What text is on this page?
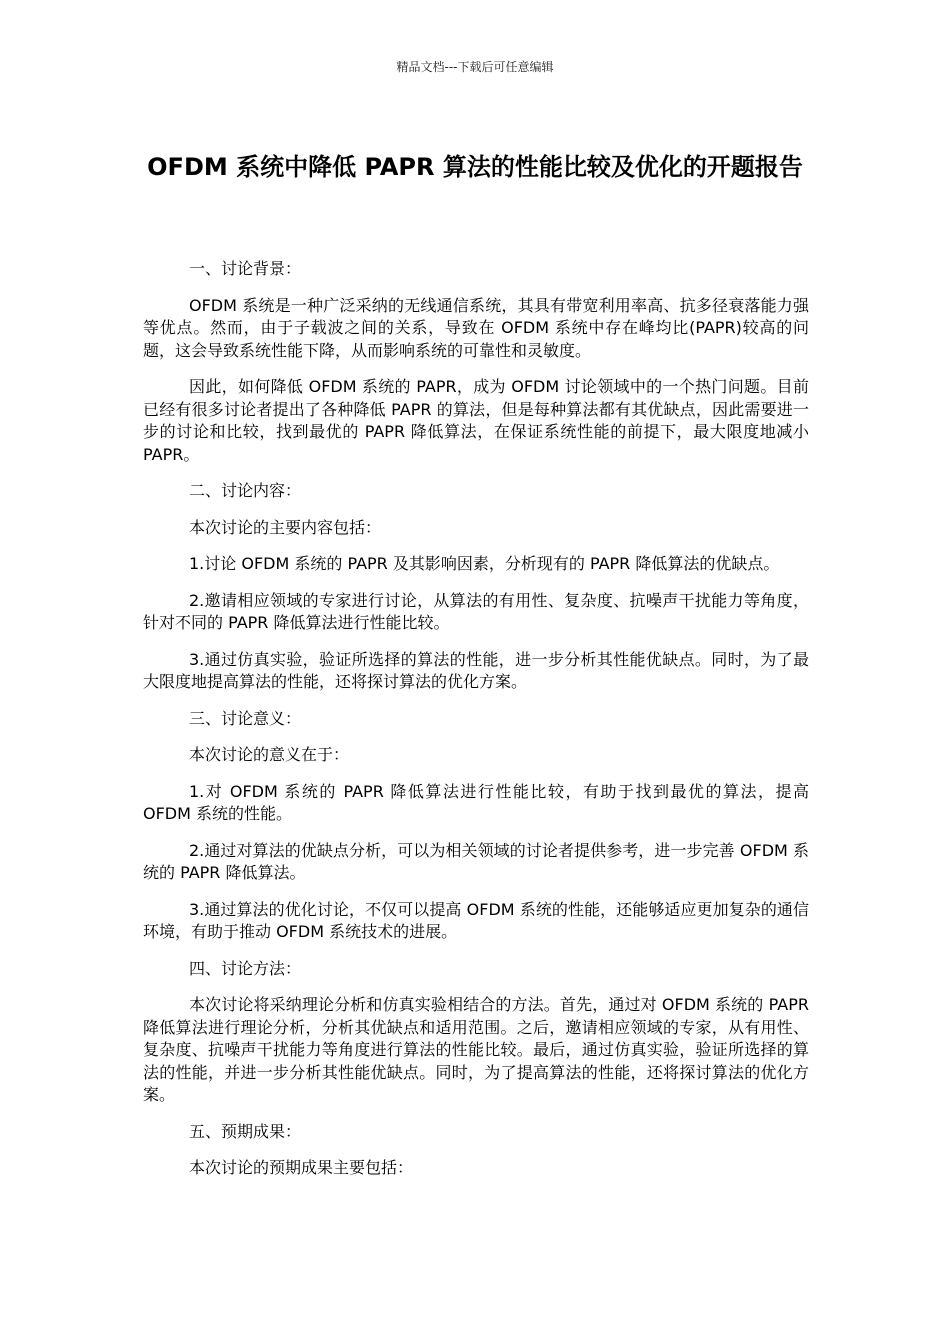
精品文档---下载后可任意编辑
OFDM 系统中降低 PAPR 算法的性能比较及优化的开题报告

一、讨论背景：

OFDM 系统是一种广泛采纳的无线通信系统，其具有带宽利用率高、抗多径衰落能力强等优点。然而，由于子载波之间的关系，导致在 OFDM 系统中存在峰均比(PAPR)较高的问题，这会导致系统性能下降，从而影响系统的可靠性和灵敏度。

因此，如何降低 OFDM 系统的 PAPR，成为 OFDM 讨论领域中的一个热门问题。目前已经有很多讨论者提出了各种降低 PAPR 的算法，但是每种算法都有其优缺点，因此需要进一步的讨论和比较，找到最优的 PAPR 降低算法，在保证系统性能的前提下，最大限度地减小 PAPR。

二、讨论内容：

本次讨论的主要内容包括：

1.讨论 OFDM 系统的 PAPR 及其影响因素，分析现有的 PAPR 降低算法的优缺点。

2.邀请相应领域的专家进行讨论，从算法的有用性、复杂度、抗噪声干扰能力等角度，针对不同的 PAPR 降低算法进行性能比较。

3.通过仿真实验，验证所选择的算法的性能，进一步分析其性能优缺点。同时，为了最大限度地提高算法的性能，还将探讨算法的优化方案。

三、讨论意义：

本次讨论的意义在于：

1.对 OFDM 系统的 PAPR 降低算法进行性能比较，有助于找到最优的算法，提高 OFDM 系统的性能。

2.通过对算法的优缺点分析，可以为相关领域的讨论者提供参考，进一步完善 OFDM 系统的 PAPR 降低算法。

3.通过算法的优化讨论，不仅可以提高 OFDM 系统的性能，还能够适应更加复杂的通信环境，有助于推动 OFDM 系统技术的进展。

四、讨论方法：

本次讨论将采纳理论分析和仿真实验相结合的方法。首先，通过对 OFDM 系统的 PAPR 降低算法进行理论分析，分析其优缺点和适用范围。之后，邀请相应领域的专家，从有用性、复杂度、抗噪声干扰能力等角度进行算法的性能比较。最后，通过仿真实验，验证所选择的算法的性能，并进一步分析其性能优缺点。同时，为了提高算法的性能，还将探讨算法的优化方案。

五、预期成果：

本次讨论的预期成果主要包括：
